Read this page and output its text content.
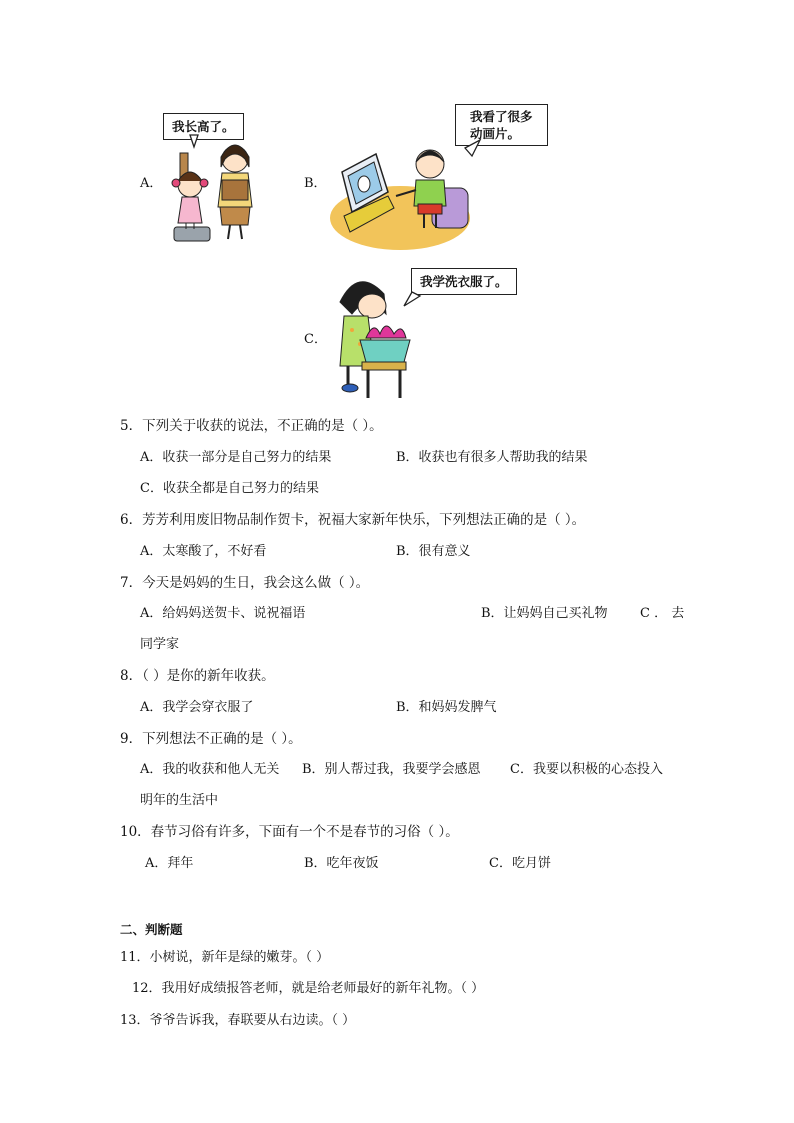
A．
我长高了。
B．
我看了很多
动画片。
C．
我学洗衣服了。
5．下列关于收获的说法，不正确的是（ ）。
A．收获一部分是自己努力的结果	B．收获也有很多人帮助我的结果
C．收获全都是自己努力的结果
6．芳芳利用废旧物品制作贺卡，祝福大家新年快乐，下列想法正确的是（ ）。
A．太寒酸了，不好看	B．很有意义
7．今天是妈妈的生日，我会这么做（ ）。
A．给妈妈送贺卡、说祝福语	B．让妈妈自己买礼物 C ． 去
同学家
8．（ ）是你的新年收获。
A．我学会穿衣服了	B．和妈妈发脾气
9．下列想法不正确的是（ ）。
A．我的收获和他人无关 B．别人帮过我，我要学会感恩 C．我要以积极的心态投入
明年的生活中
10．春节习俗有许多，下面有一个不是春节的习俗（ ）。
A．拜年	B．吃年夜饭	C．吃月饼
二、判断题
11．小树说，新年是绿的嫩芽。（ ）
12．我用好成绩报答老师，就是给老师最好的新年礼物。（ ）
13．爷爷告诉我，春联要从右边读。（ ）
